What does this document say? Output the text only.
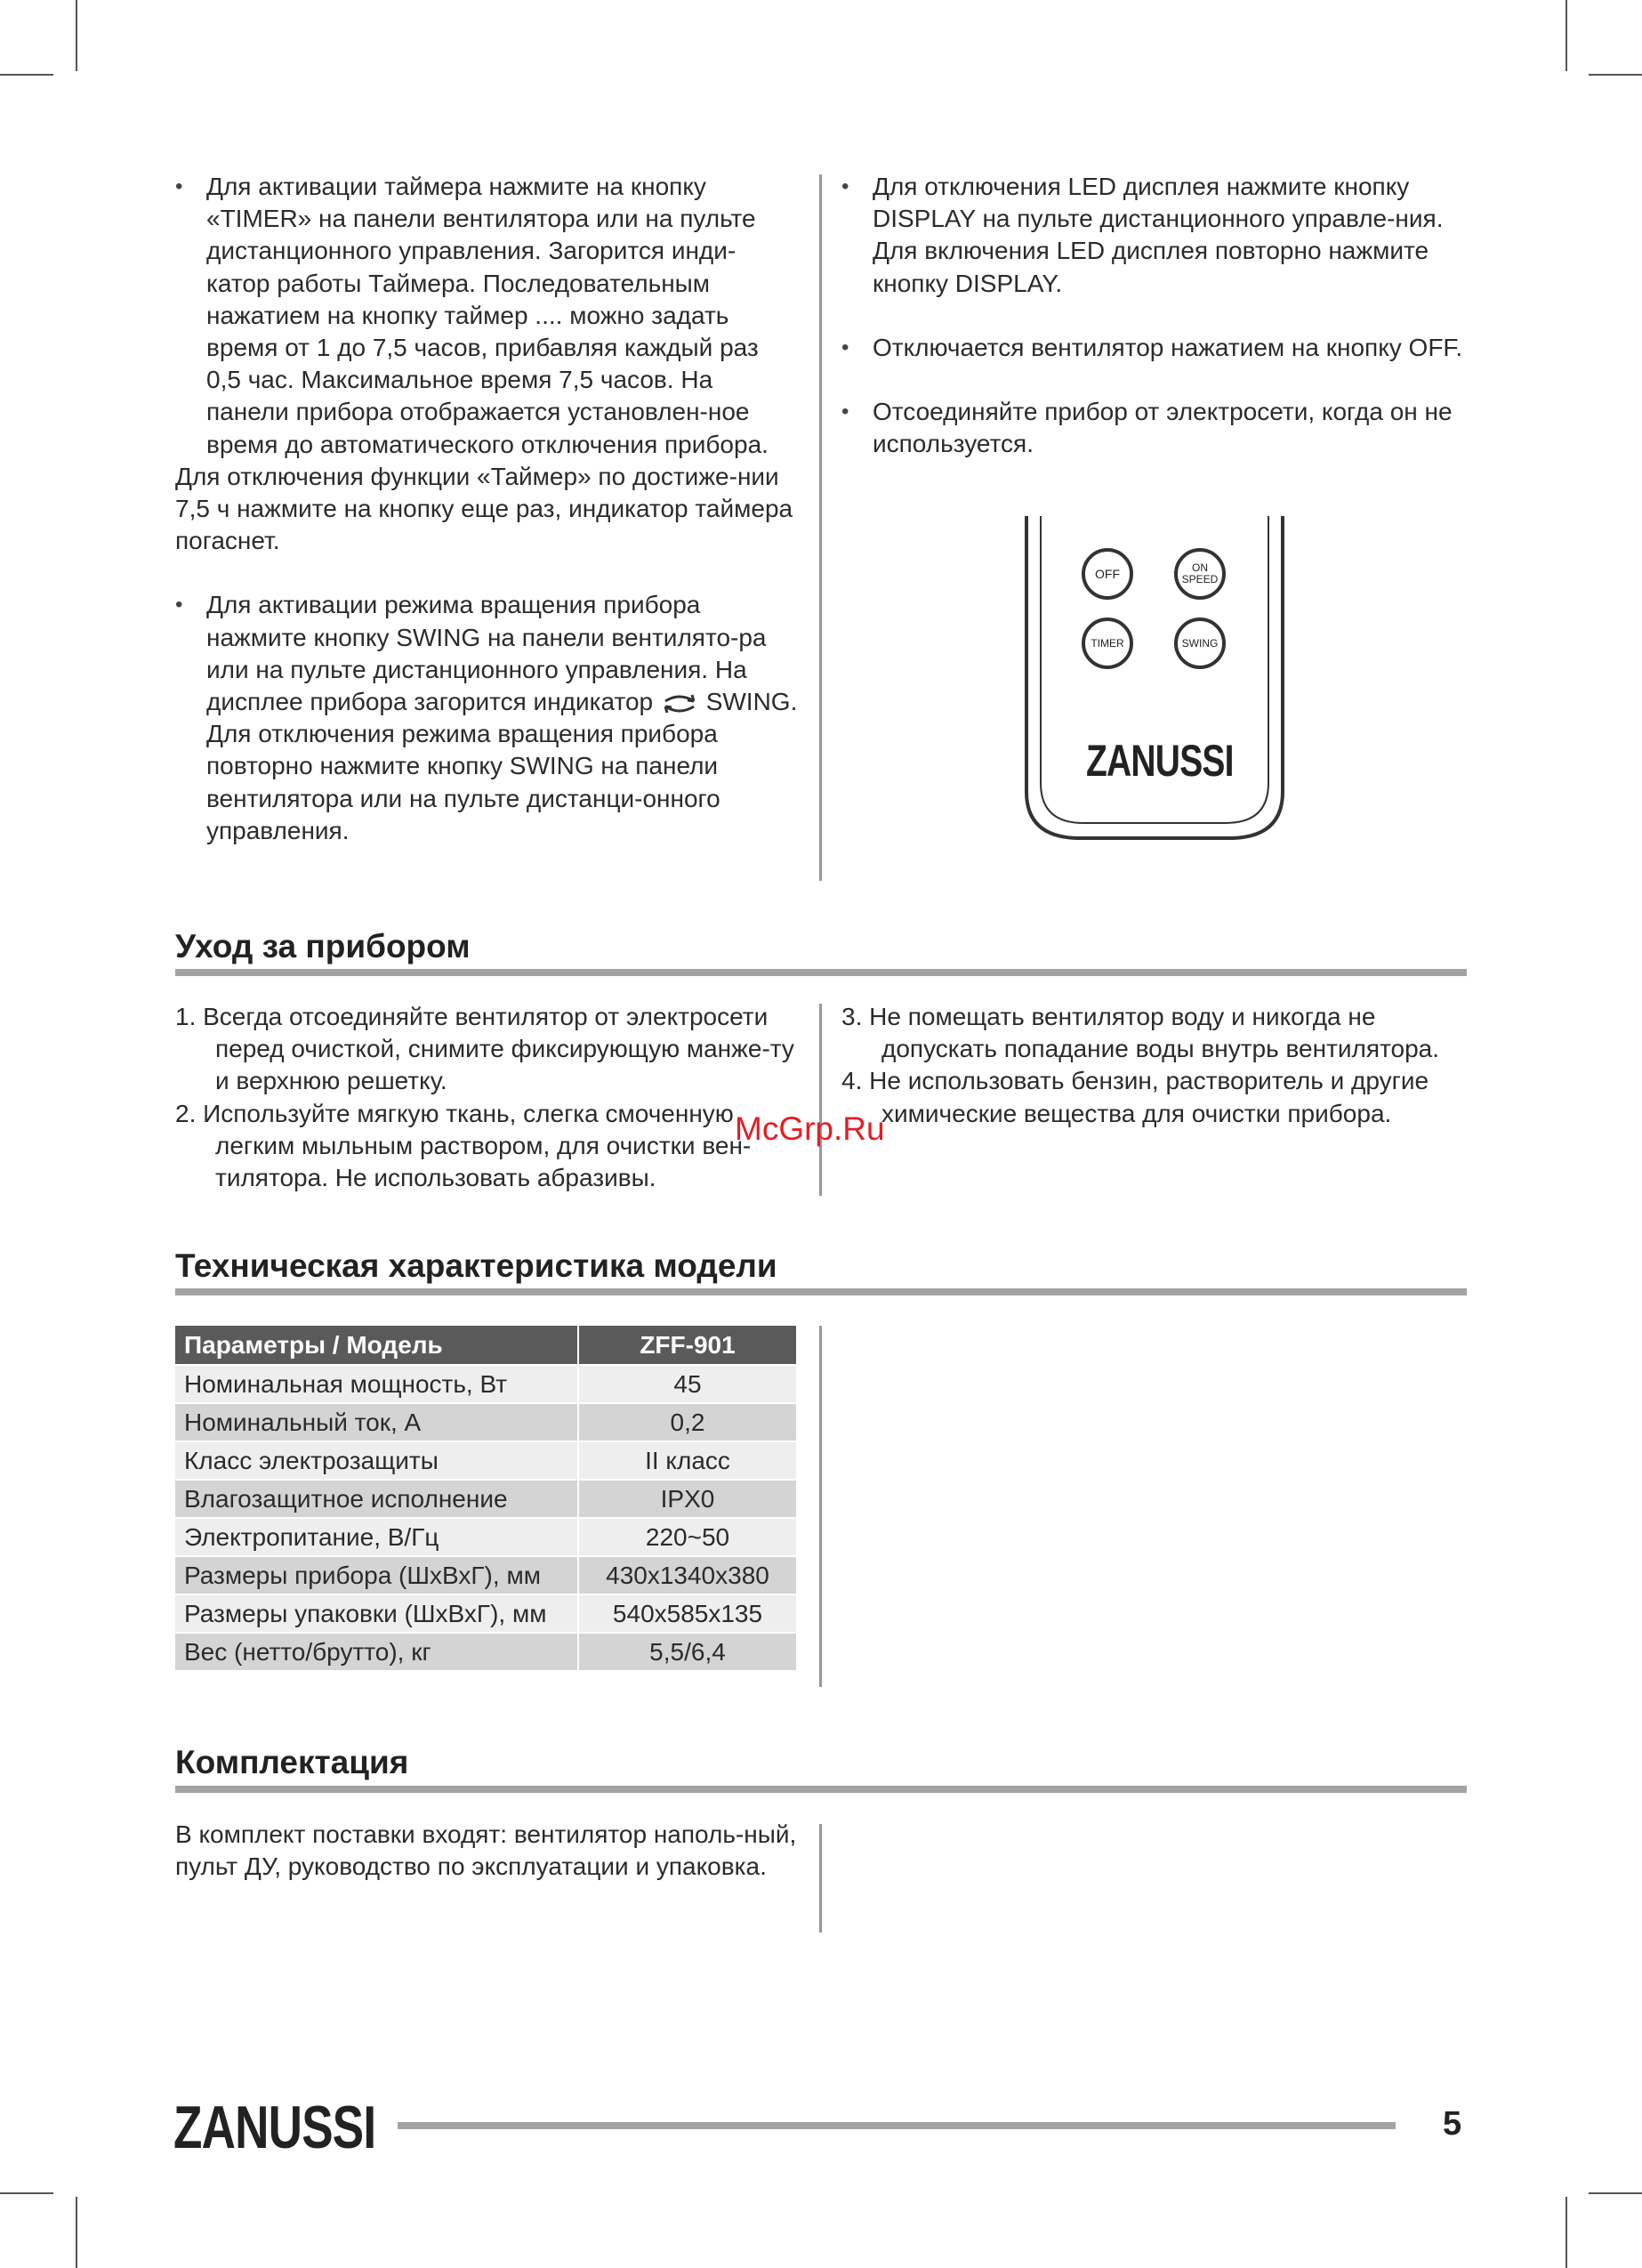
• Для активации таймера нажмите на кнопку «TIMER» на панели вентилятора или на пульте дистанционного управления. Загорится инди-катор работы Таймера. Последовательным нажатием на кнопку таймер .... можно задать время от 1 до 7,5 часов, прибавляя каждый раз 0,5 час. Максимальное время 7,5 часов. На панели прибора отображается установлен-ное время до автоматического отключения прибора.

Для отключения функции «Таймер» по достиже-нии 7,5 ч нажмите на кнопку еще раз, индикатор таймера погаснет.

• Для активации режима вращения прибора нажмите кнопку SWING на панели вентилято-ра или на пульте дистанционного управления. На дисплее прибора загорится индикатор SWING. Для отключения режима вращения прибора повторно нажмите кнопку SWING на панели вентилятора или на пульте дистанци-онного управления.

• Для отключения LED дисплея нажмите кнопку DISPLAY на пульте дистанционного управле-ния. Для включения LED дисплея повторно нажмите кнопку DISPLAY.

• Отключается вентилятор нажатием на кнопку OFF.

• Отсоединяйте прибор от электросети, когда он не используется.

OFF	ON SPEED
TIMER	SWING
ZANUSSI
Уход за прибором

1. Всегда отсоединяйте вентилятор от электросети перед очисткой, снимите фиксирующую манже-ту и верхнюю решетку.

2. Используйте мягкую ткань, слегка смоченную легким мыльным раствором, для очистки вен-тилятора. Не использовать абразивы.

3. Не помещать вентилятор воду и никогда не допускать попадание воды внутрь вентилятора.

4. Не использовать бензин, растворитель и другие химические вещества для очистки прибора.

McGrp.Ru
Техническая характеристика модели
Параметры / Модель	ZFF-901
Номинальная мощность, Вт	45
Номинальный ток, А	0,2
Класс электрозащиты	II класс
Влагозащитное исполнение	IPX0
Электропитание, В/Гц	220~50
Размеры прибора (ШхВхГ), мм	430х1340х380
Размеры упаковки (ШхВхГ), мм	540х585х135
Вес (нетто/брутто), кг	5,5/6,4
Комплектация

В комплект поставки входят: вентилятор наполь-ный, пульт ДУ, руководство по эксплуатации и упаковка.

ZANUSSI	5
